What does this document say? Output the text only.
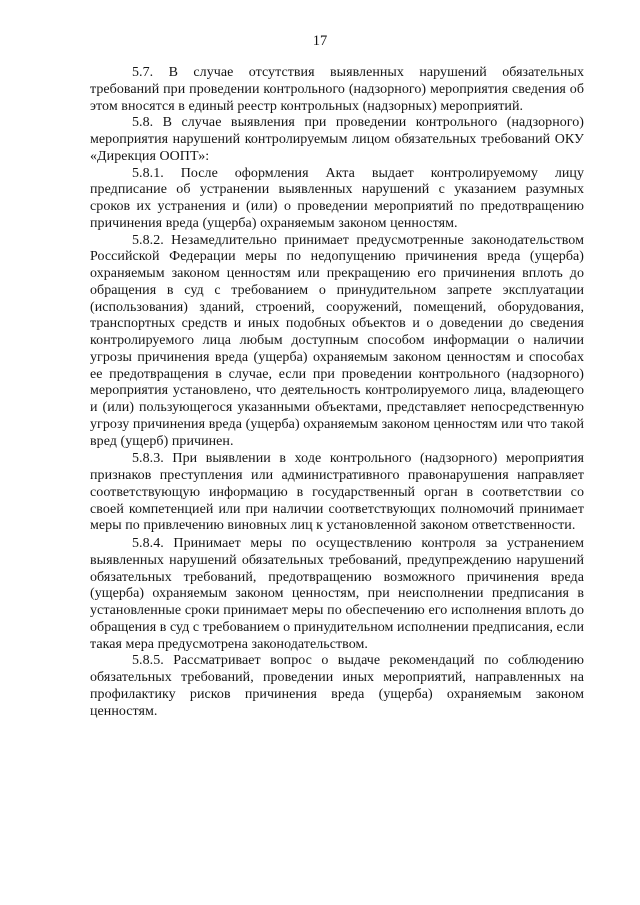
17

5.7. В случае отсутствия выявленных нарушений обязательных требований при проведении контрольного (надзорного) мероприятия сведения об этом вносятся в единый реестр контрольных (надзорных) мероприятий.

5.8. В случае выявления при проведении контрольного (надзорного) мероприятия нарушений контролируемым лицом обязательных требований ОКУ «Дирекция ООПТ»:

5.8.1. После оформления Акта выдает контролируемому лицу предписание об устранении выявленных нарушений с указанием разумных сроков их устранения и (или) о проведении мероприятий по предотвращению причинения вреда (ущерба) охраняемым законом ценностям.

5.8.2. Незамедлительно принимает предусмотренные законодательством Российской Федерации меры по недопущению причинения вреда (ущерба) охраняемым законом ценностям или прекращению его причинения вплоть до обращения в суд с требованием о принудительном запрете эксплуатации (использования) зданий, строений, сооружений, помещений, оборудования, транспортных средств и иных подобных объектов и о доведении до сведения контролируемого лица любым доступным способом информации о наличии угрозы причинения вреда (ущерба) охраняемым законом ценностям и способах ее предотвращения в случае, если при проведении контрольного (надзорного) мероприятия установлено, что деятельность контролируемого лица, владеющего и (или) пользующегося указанными объектами, представляет непосредственную угрозу причинения вреда (ущерба) охраняемым законом ценностям или что такой вред (ущерб) причинен.

5.8.3. При выявлении в ходе контрольного (надзорного) мероприятия признаков преступления или административного правонарушения направляет соответствующую информацию в государственный орган в соответствии со своей компетенцией или при наличии соответствующих полномочий принимает меры по привлечению виновных лиц к установленной законом ответственности.

5.8.4. Принимает меры по осуществлению контроля за устранением выявленных нарушений обязательных требований, предупреждению нарушений обязательных требований, предотвращению возможного причинения вреда (ущерба) охраняемым законом ценностям, при неисполнении предписания в установленные сроки принимает меры по обеспечению его исполнения вплоть до обращения в суд с требованием о принудительном исполнении предписания, если такая мера предусмотрена законодательством.

5.8.5. Рассматривает вопрос о выдаче рекомендаций по соблюдению обязательных требований, проведении иных мероприятий, направленных на профилактику рисков причинения вреда (ущерба) охраняемым законом ценностям.
